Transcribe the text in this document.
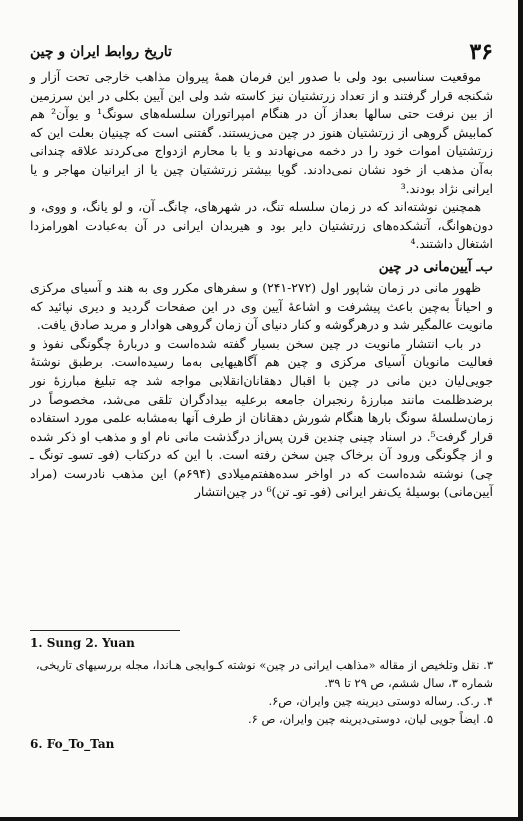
۳۶
تاریخ روابط ایران و چین

موقعیت سناسبی بود ولی با صدور این فرمان همهٔ پیروان مذاهب خارجی تحت آزار و شکنجه قرار گرفتند و از تعداد زرتشتیان نیز کاسته شد ولی این آیین بکلی در این سرزمین از بین نرفت حتی سالها بعداز آن در هنگام امپراتوران سلسله‌های سونگ¹ و یوآن² هم کمابیش گروهی از زرتشتیان هنوز در چین می‌زیستند. گفتنی است که چینیان بعلت این که زرتشتیان اموات خود را در دخمه می‌نهادند و یا با محارم ازدواج می‌کردند علاقه چندانی به‌آن مذهب از خود نشان نمی‌دادند. گویا بیشتر زرتشتیان چین یا از ایرانیان مهاجر و یا ایرانی نژاد بودند.³

همچنین نوشته‌اند که در زمان سلسله تنگ، در شهرهای، چانگ‌ـ آن، و لو یانگ، و ووی، و دون‌هوانگ، آتشکده‌های زرتشتیان دایر بود و هیربدان ایرانی در آن به‌عبادت اهورامزدا اشتغال داشتند.⁴

ب‌ـ آیین‌مانی در چین

ظهور مانی در زمان شاپور اول (۲۷۲-۲۴۱) و سفرهای مکرر وی به هند و آسیای مرکزی و احیاناً به‌چین باعث پیشرفت و اشاعهٔ آیین وی در این صفحات گردید و دیری نپائید که مانویت عالمگیر شد و درهرگوشه و کنار دنیای آن زمان گروهی هوادار و مرید صادق یافت.

در باب انتشار مانویت در چین سخن بسیار گفته شده‌است و دربارهٔ چگونگی نفوذ و فعالیت مانویان آسیای مرکزی و چین هم آگاهیهایی به‌ما رسیده‌است. برطبق نوشتهٔ جویی‌لیان دین مانی در چین با اقبال دهقانان‌انقلابی مواجه شد چه تبلیغ مبارزهٔ نور برضدظلمت مانند مبارزهٔ رنجبران جامعه برعلیه بیدادگران تلقی می‌شد، مخصوصاً در زمان‌سلسلهٔ سونگ بارها هنگام شورش دهقانان از طرف آنها به‌مشابه علمی مورد استفاده قرار گرفت⁵. در اسناد چینی چندین قرن پس‌از درگذشت مانی نام او و مذهب او ذکر شده و از چگونگی ورود آن برخاک چین سخن رفته است. با این که درکتاب (فو‌ـ تسو‌ـ تونگ ‌ـ چی) نوشته شده‌است که در اواخر سده‌هفتم‌میلادی (۶۹۴م) این مذهب نادرست (مراد آیین‌مانی) بوسیلهٔ یک‌نفر ایرانی (فو‌ـ تو‌ـ تن)⁶ در چین‌انتشار

1. Sung 2. Yuan
۳. نقل وتلخیص از مقاله «مذاهب ایرانی در چین» نوشته کـوایجی هـاندا، مجله بررسیهای تاریخی، شماره ۳، سال ششم، ص ۲۹ تا ۳۹.
۴. ر.ک. رساله دوستی دیرینه چین وایران، ص۶.
۵. ایضاً جویی لیان، دوستی‌دیرینه چین وایران، ص ۶.
6. Fo_To_Tan
